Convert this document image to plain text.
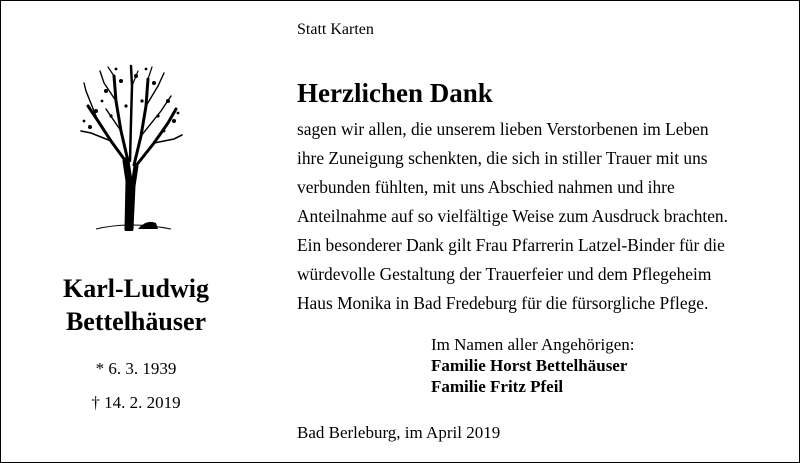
Karl-Ludwig
Bettelhäuser
* 6. 3. 1939
† 14. 2. 2019
Statt Karten
Herzlichen Dank
sagen wir allen, die unserem lieben Verstorbenen im Leben
ihre Zuneigung schenkten, die sich in stiller Trauer mit uns
verbunden fühlten, mit uns Abschied nahmen und ihre
Anteilnahme auf so vielfältige Weise zum Ausdruck brachten.
Ein besonderer Dank gilt Frau Pfarrerin Latzel-Binder für die
würdevolle Gestaltung der Trauerfeier und dem Pflegeheim
Haus Monika in Bad Fredeburg für die fürsorgliche Pflege.
Im Namen aller Angehörigen:
Familie Horst Bettelhäuser
Familie Fritz Pfeil
Bad Berleburg, im April 2019
